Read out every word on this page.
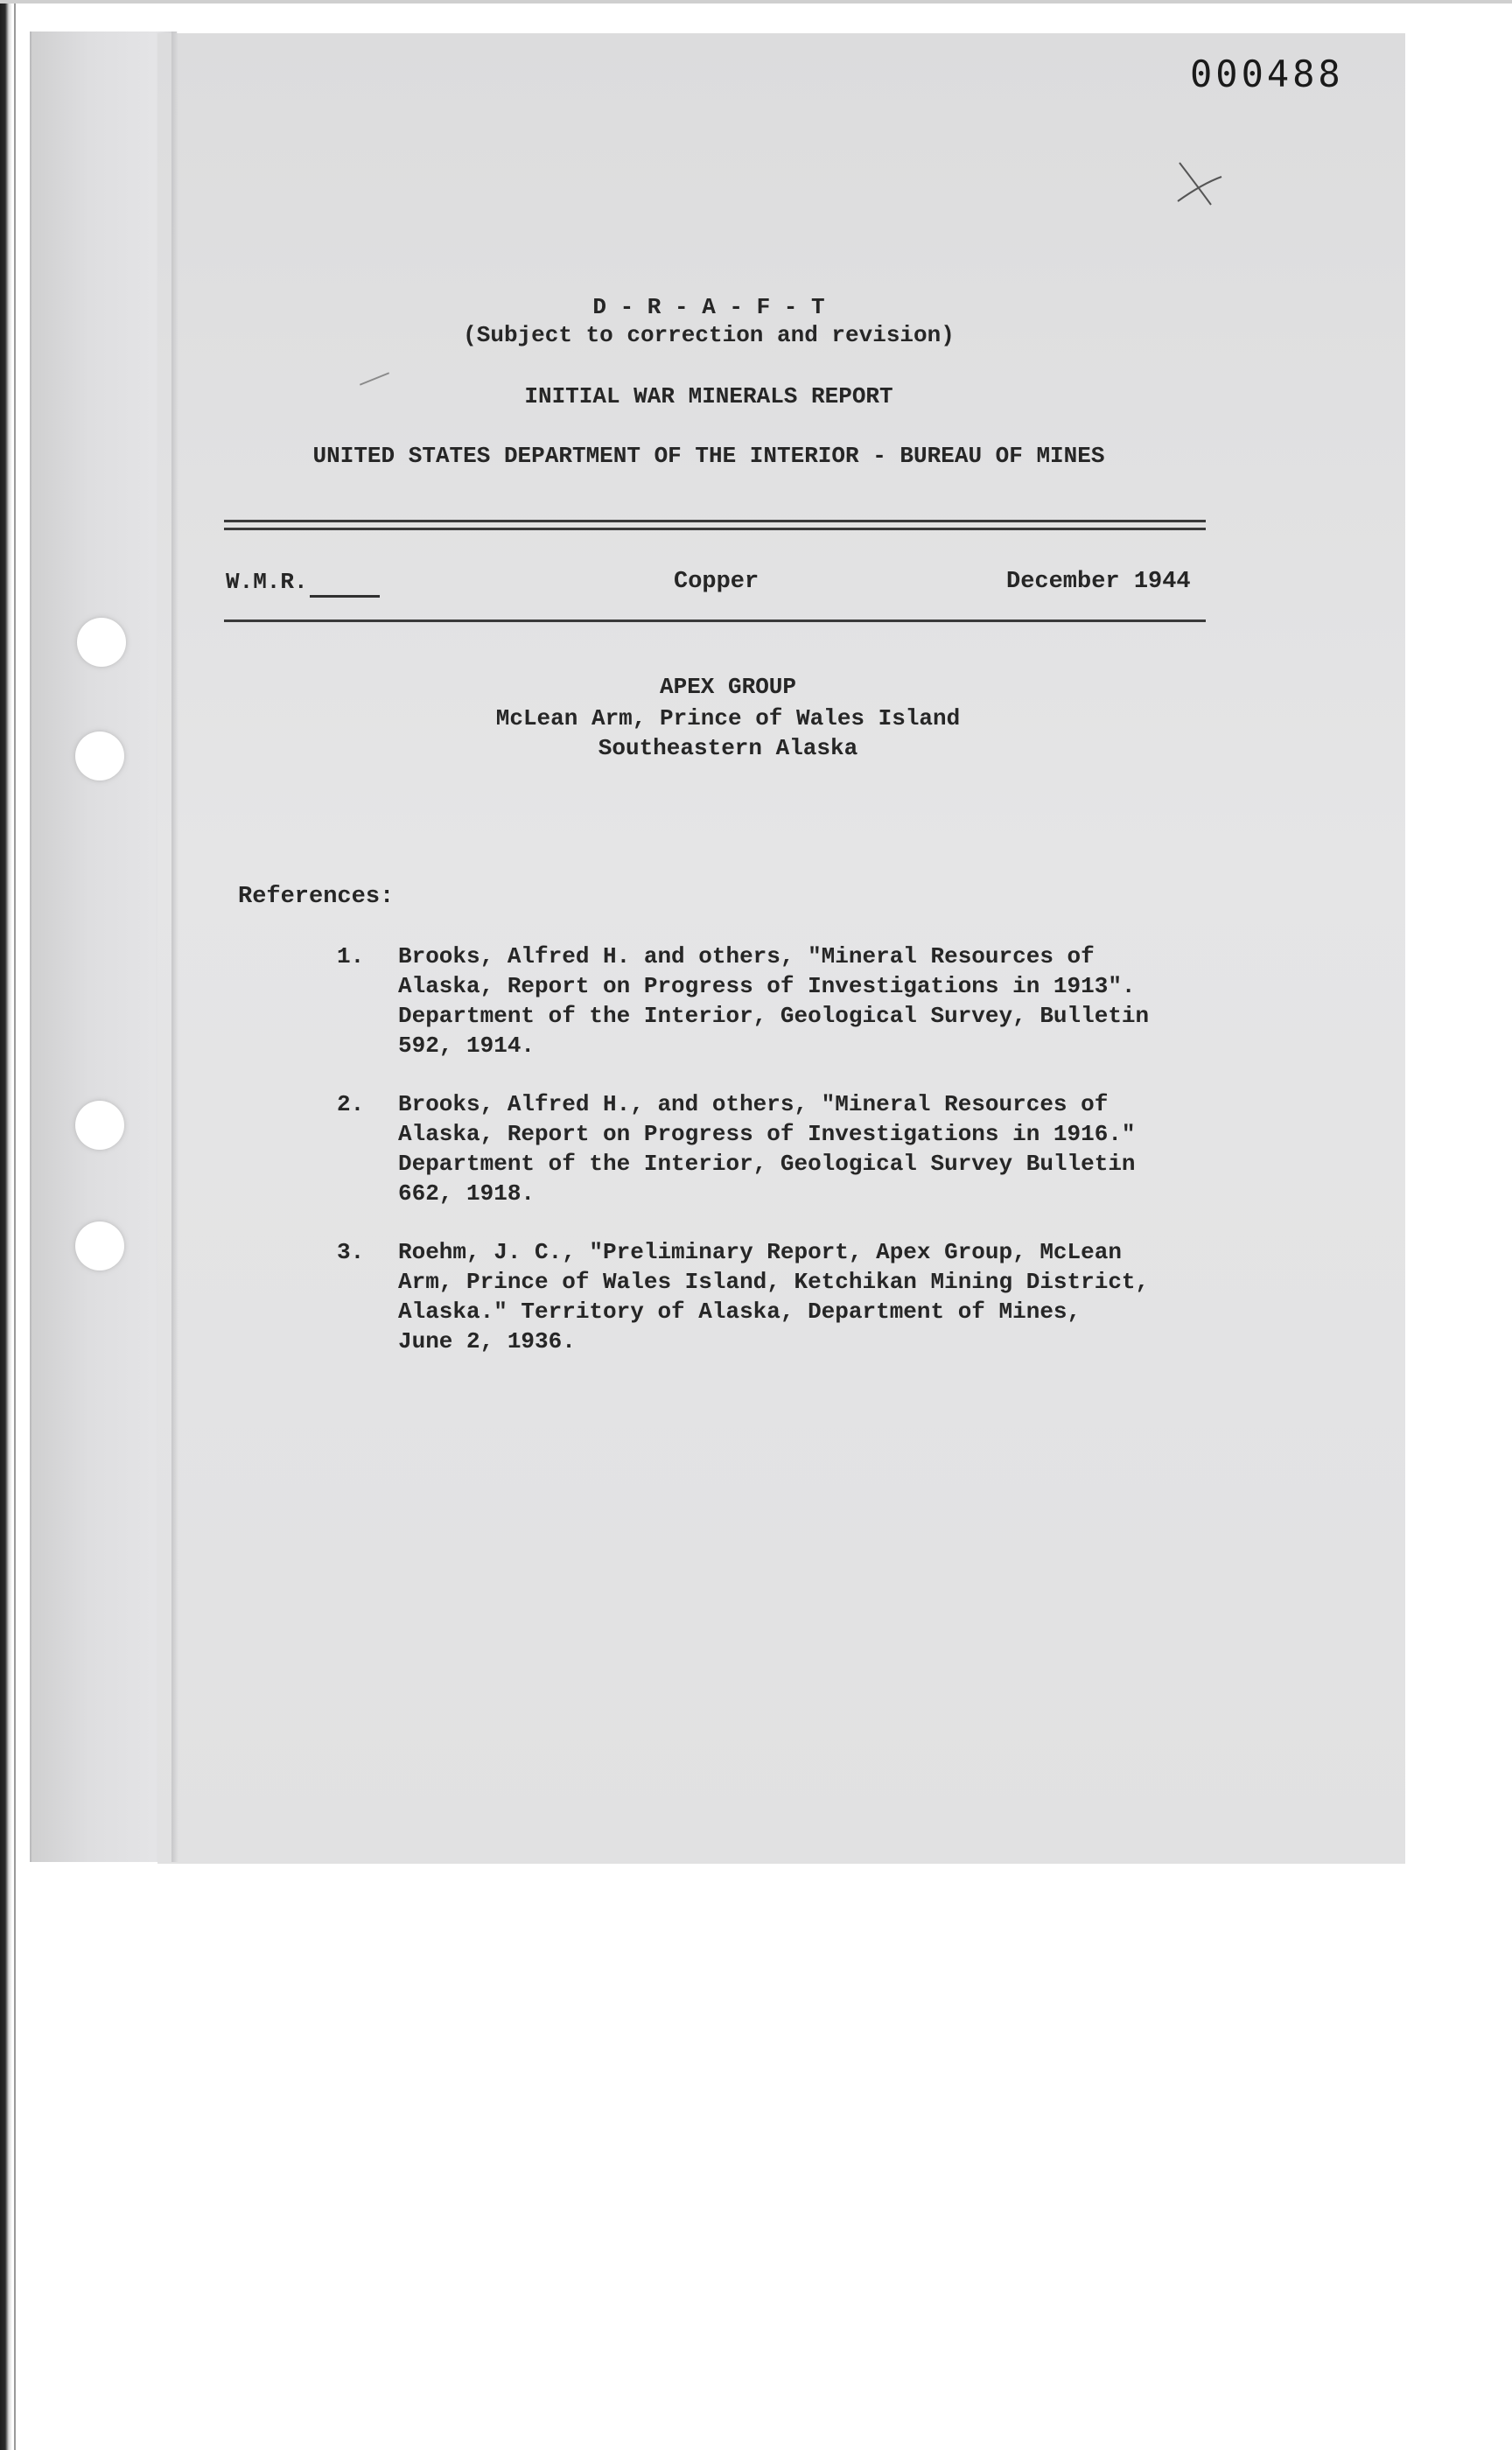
000488
D - R - A - F - T
(Subject to correction and revision)
INITIAL WAR MINERALS REPORT
UNITED STATES DEPARTMENT OF THE INTERIOR - BUREAU OF MINES
W.M.R.	Copper	December 1944
APEX GROUP
McLean Arm, Prince of Wales Island
Southeastern Alaska
References:
1.	Brooks, Alfred H. and others, "Mineral Resources of
Alaska, Report on Progress of Investigations in 1913".
Department of the Interior, Geological Survey, Bulletin
592, 1914.
2.	Brooks, Alfred H., and others, "Mineral Resources of
Alaska, Report on Progress of Investigations in 1916."
Department of the Interior, Geological Survey Bulletin
662, 1918.
3.	Roehm, J. C., "Preliminary Report, Apex Group, McLean
Arm, Prince of Wales Island, Ketchikan Mining District,
Alaska." Territory of Alaska, Department of Mines,
June 2, 1936.
